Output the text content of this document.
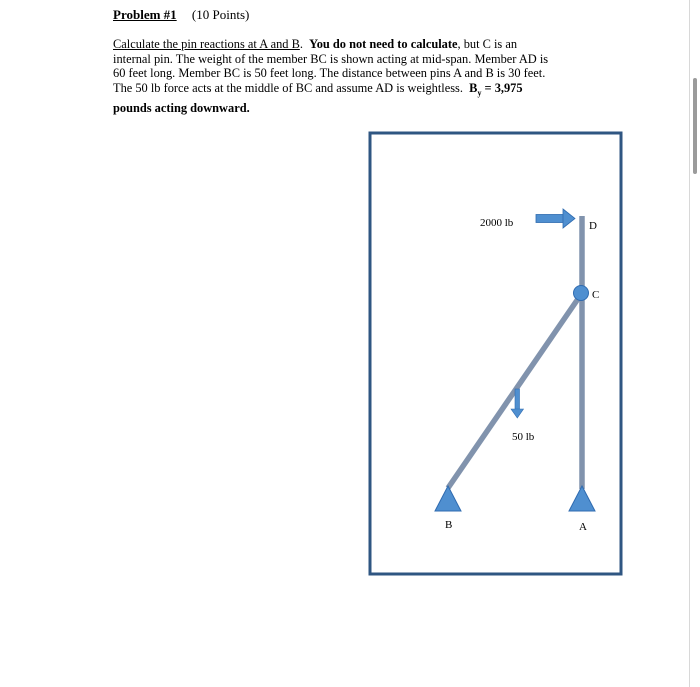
Problem #1 (10 Points)
Calculate the pin reactions at A and B. You do not need to calculate, but C is an
internal pin. The weight of the member BC is shown acting at mid-span. Member AD is
60 feet long. Member BC is 50 feet long. The distance between pins A and B is 30 feet.
The 50 lb force acts at the middle of BC and assume AD is weightless. $B_y = 3,975$
pounds acting downward.
2000 lb
50 lb
D
C
B	A
